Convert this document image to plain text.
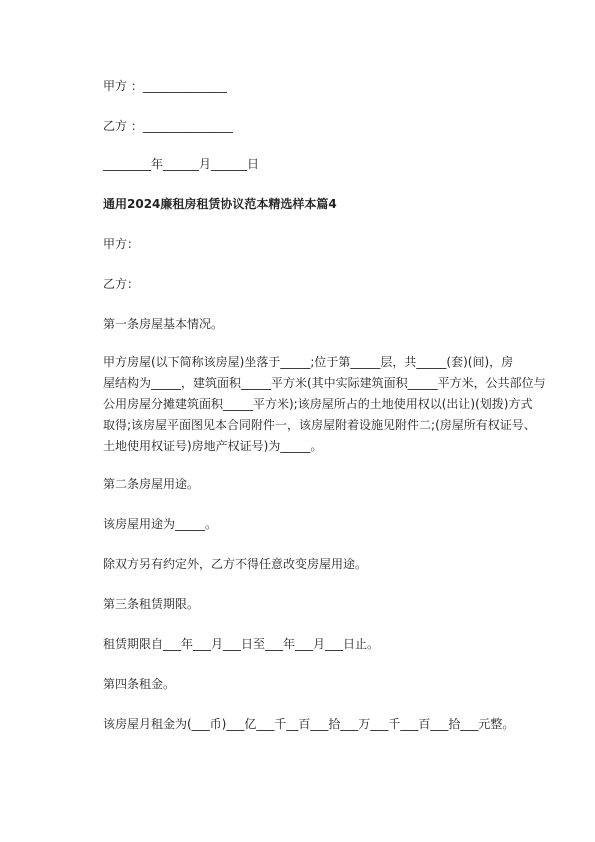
甲方 ：______________

乙方 ：_______________

________年______月______日

通用2024廉租房租赁协议范本精选样本篇4

甲方：

乙方：

第一条房屋基本情况。

甲方房屋(以下简称该房屋)坐落于_____;位于第_____层，共_____(套)(间)，房
屋结构为_____，建筑面积_____平方米(其中实际建筑面积_____平方米，公共部位与
公用房屋分摊建筑面积_____平方米);该房屋所占的土地使用权以(出让)(划拨)方式
取得;该房屋平面图见本合同附件一，该房屋附着设施见附件二;(房屋所有权证号、
土地使用权证号)房地产权证号)为_____。

第二条房屋用途。

该房屋用途为_____。

除双方另有约定外，乙方不得任意改变房屋用途。

第三条租赁期限。

租赁期限自___年___月___日至___年___月___日止。

第四条租金。

该房屋月租金为(___币)___亿___千__百___拾___万___千___百___拾___元整。
